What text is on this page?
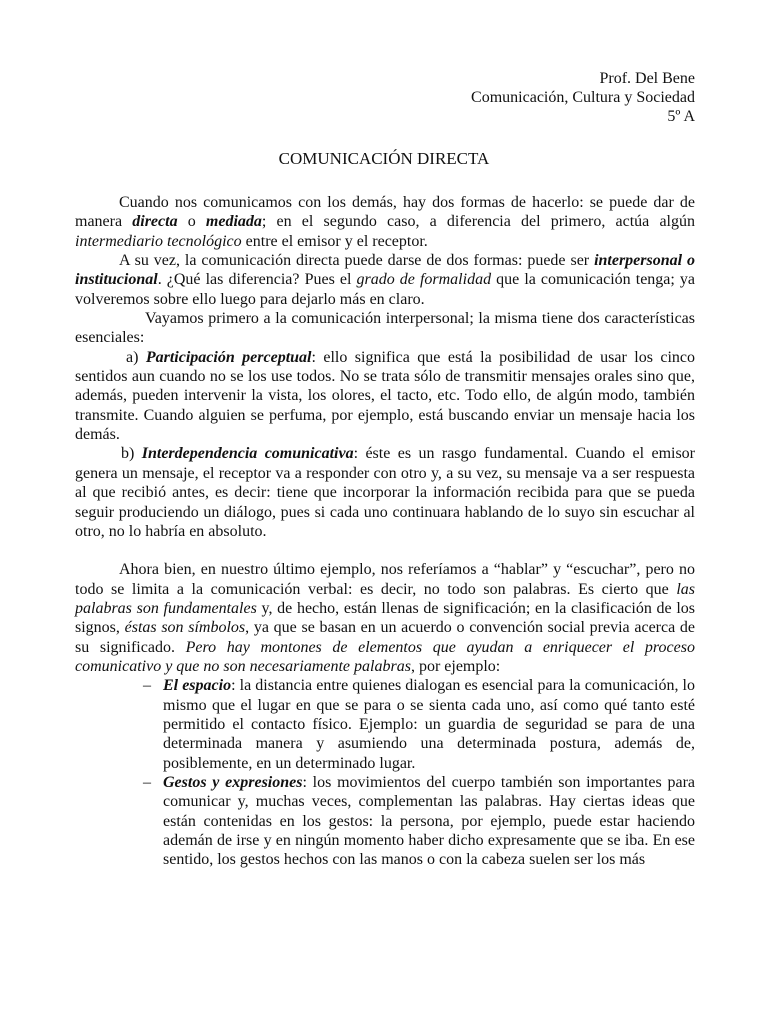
Prof. Del Bene
Comunicación, Cultura y Sociedad
5º A
COMUNICACIÓN DIRECTA

Cuando nos comunicamos con los demás, hay dos formas de hacerlo: se puede dar de manera directa o mediada; en el segundo caso, a diferencia del primero, actúa algún intermediario tecnológico entre el emisor y el receptor.

A su vez, la comunicación directa puede darse de dos formas: puede ser interpersonal o institucional. ¿Qué las diferencia? Pues el grado de formalidad que la comunicación tenga; ya volveremos sobre ello luego para dejarlo más en claro.

Vayamos primero a la comunicación interpersonal; la misma tiene dos características esenciales:

a) Participación perceptual: ello significa que está la posibilidad de usar los cinco sentidos aun cuando no se los use todos. No se trata sólo de transmitir mensajes orales sino que, además, pueden intervenir la vista, los olores, el tacto, etc. Todo ello, de algún modo, también transmite. Cuando alguien se perfuma, por ejemplo, está buscando enviar un mensaje hacia los demás.

b) Interdependencia comunicativa: éste es un rasgo fundamental. Cuando el emisor genera un mensaje, el receptor va a responder con otro y, a su vez, su mensaje va a ser respuesta al que recibió antes, es decir: tiene que incorporar la información recibida para que se pueda seguir produciendo un diálogo, pues si cada uno continuara hablando de lo suyo sin escuchar al otro, no lo habría en absoluto.

Ahora bien, en nuestro último ejemplo, nos referíamos a “hablar” y “escuchar”, pero no todo se limita a la comunicación verbal: es decir, no todo son palabras. Es cierto que las palabras son fundamentales y, de hecho, están llenas de significación; en la clasificación de los signos, éstas son símbolos, ya que se basan en un acuerdo o convención social previa acerca de su significado. Pero hay montones de elementos que ayudan a enriquecer el proceso comunicativo y que no son necesariamente palabras, por ejemplo:

– El espacio: la distancia entre quienes dialogan es esencial para la comunicación, lo mismo que el lugar en que se para o se sienta cada uno, así como qué tanto esté permitido el contacto físico. Ejemplo: un guardia de seguridad se para de una determinada manera y asumiendo una determinada postura, además de, posiblemente, en un determinado lugar.
– Gestos y expresiones: los movimientos del cuerpo también son importantes para comunicar y, muchas veces, complementan las palabras. Hay ciertas ideas que están contenidas en los gestos: la persona, por ejemplo, puede estar haciendo ademán de irse y en ningún momento haber dicho expresamente que se iba. En ese sentido, los gestos hechos con las manos o con la cabeza suelen ser los más
